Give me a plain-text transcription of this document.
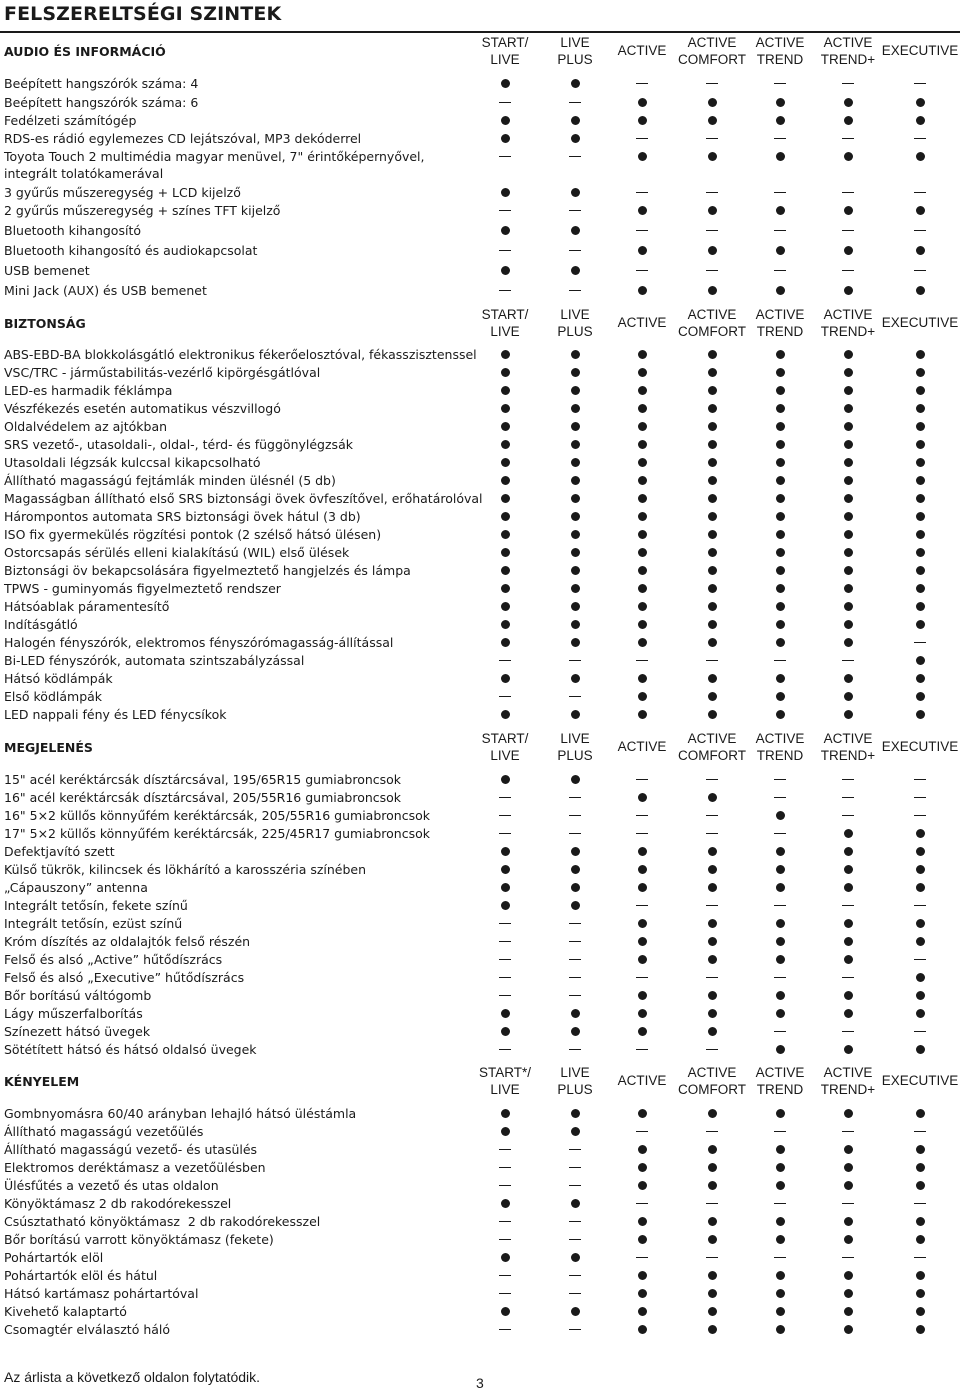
FELSZERELTSÉGI SZINTEK
AUDIO ÉS INFORMÁCIÓ
START/
LIVE
LIVE
PLUS
ACTIVE
ACTIVE
COMFORT
ACTIVE
TREND
ACTIVE
TREND+
EXECUTIVE
Beépített hangszórók száma: 4
Beépített hangszórók száma: 6
Fedélzeti számítógép
RDS-es rádió egylemezes CD lejátszóval, MP3 dekóderrel
Toyota Touch 2 multimédia magyar menüvel, 7" érintőképernyővel,
integrált tolatókamerával
3 gyűrűs műszeregység + LCD kijelző
2 gyűrűs műszeregység + színes TFT kijelző
Bluetooth kihangosító
Bluetooth kihangosító és audiokapcsolat
USB bemenet
Mini Jack (AUX) és USB bemenet
BIZTONSÁG
START/
LIVE
LIVE
PLUS
ACTIVE
ACTIVE
COMFORT
ACTIVE
TREND
ACTIVE
TREND+
EXECUTIVE
ABS-EBD-BA blokkolásgátló elektronikus fékerőelosztóval, fékasszisztenssel
VSC/TRC - járműstabilitás-vezérlő kipörgésgátlóval
LED-es harmadik féklámpa
Vészfékezés esetén automatikus vészvillogó
Oldalvédelem az ajtókban
SRS vezető-, utasoldali-, oldal-, térd- és függönylégzsák
Utasoldali légzsák kulccsal kikapcsolható
Állítható magasságú fejtámlák minden ülésnél (5 db)
Magasságban állítható első SRS biztonsági övek övfeszítővel, erőhatárolóval
Hárompontos automata SRS biztonsági övek hátul (3 db)
ISO fix gyermekülés rögzítési pontok (2 szélső hátsó ülésen)
Ostorcsapás sérülés elleni kialakítású (WIL) első ülések
Biztonsági öv bekapcsolására figyelmeztető hangjelzés és lámpa
TPWS - guminyomás figyelmeztető rendszer
Hátsóablak páramentesítő
Indításgátló
Halogén fényszórók, elektromos fényszórómagasság-állítással
Bi-LED fényszórók, automata szintszabályzással
Hátsó ködlámpák
Első ködlámpák
LED nappali fény és LED fénycsíkok
MEGJELENÉS
START/
LIVE
LIVE
PLUS
ACTIVE
ACTIVE
COMFORT
ACTIVE
TREND
ACTIVE
TREND+
EXECUTIVE
15" acél keréktárcsák dísztárcsával, 195/65R15 gumiabroncsok
16" acél keréktárcsák dísztárcsával, 205/55R16 gumiabroncsok
16" 5×2 küllős könnyűfém keréktárcsák, 205/55R16 gumiabroncsok
17" 5×2 küllős könnyűfém keréktárcsák, 225/45R17 gumiabroncsok
Defektjavító szett
Külső tükrök, kilincsek és lökhárító a karosszéria színében
„Cápauszony” antenna
Integrált tetősín, fekete színű
Integrált tetősín, ezüst színű
Króm díszítés az oldalajtók felső részén
Felső és alsó „Active” hűtődíszrács
Felső és alsó „Executive” hűtődíszrács
Bőr borítású váltógomb
Lágy műszerfalborítás
Színezett hátsó üvegek
Sötétített hátsó és hátsó oldalsó üvegek
KÉNYELEM
START*/
LIVE
LIVE
PLUS
ACTIVE
ACTIVE
COMFORT
ACTIVE
TREND
ACTIVE
TREND+
EXECUTIVE
Gombnyomásra 60/40 arányban lehajló hátsó üléstámla
Állítható magasságú vezetőülés
Állítható magasságú vezető- és utasülés
Elektromos deréktámasz a vezetőülésben
Ülésfűtés a vezető és utas oldalon
Könyöktámasz 2 db rakodórekesszel
Csúsztatható könyöktámasz  2 db rakodórekesszel
Bőr borítású varrott könyöktámasz (fekete)
Pohártartók elöl
Pohártartók elöl és hátul
Hátsó kartámasz pohártartóval
Kivehető kalaptartó
Csomagtér elválasztó háló
Az árlista a következő oldalon folytatódik.	3
